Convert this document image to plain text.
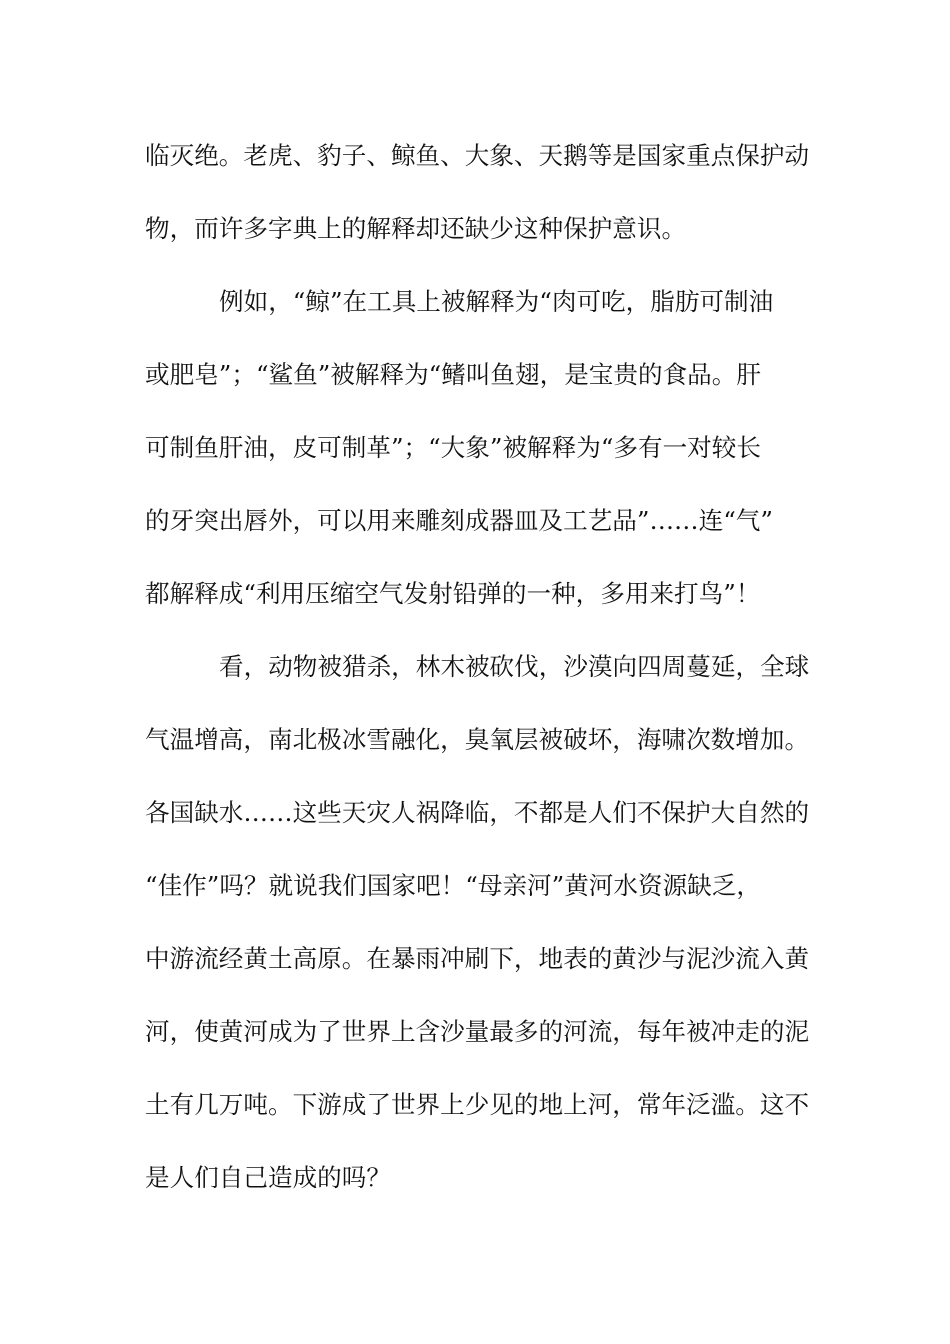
临灭绝。老虎、豹子、鲸鱼、大象、天鹅等是国家重点保护动
物，而许多字典上的解释却还缺少这种保护意识。
例如，“鲸”在工具上被解释为“肉可吃，脂肪可制油
或肥皂”；“鲨鱼”被解释为“鳍叫鱼翅，是宝贵的食品。肝
可制鱼肝油，皮可制革”；“大象”被解释为“多有一对较长
的牙突出唇外，可以用来雕刻成器皿及工艺品”……连“气”
都解释成“利用压缩空气发射铅弹的一种，多用来打鸟”！
看，动物被猎杀，林木被砍伐，沙漠向四周蔓延，全球
气温增高，南北极冰雪融化，臭氧层被破坏，海啸次数增加。
各国缺水……这些天灾人祸降临，不都是人们不保护大自然的
“佳作”吗？就说我们国家吧！“母亲河”黄河水资源缺乏，
中游流经黄土高原。在暴雨冲刷下，地表的黄沙与泥沙流入黄
河，使黄河成为了世界上含沙量最多的河流，每年被冲走的泥
土有几万吨。下游成了世界上少见的地上河，常年泛滥。这不
是人们自己造成的吗？
